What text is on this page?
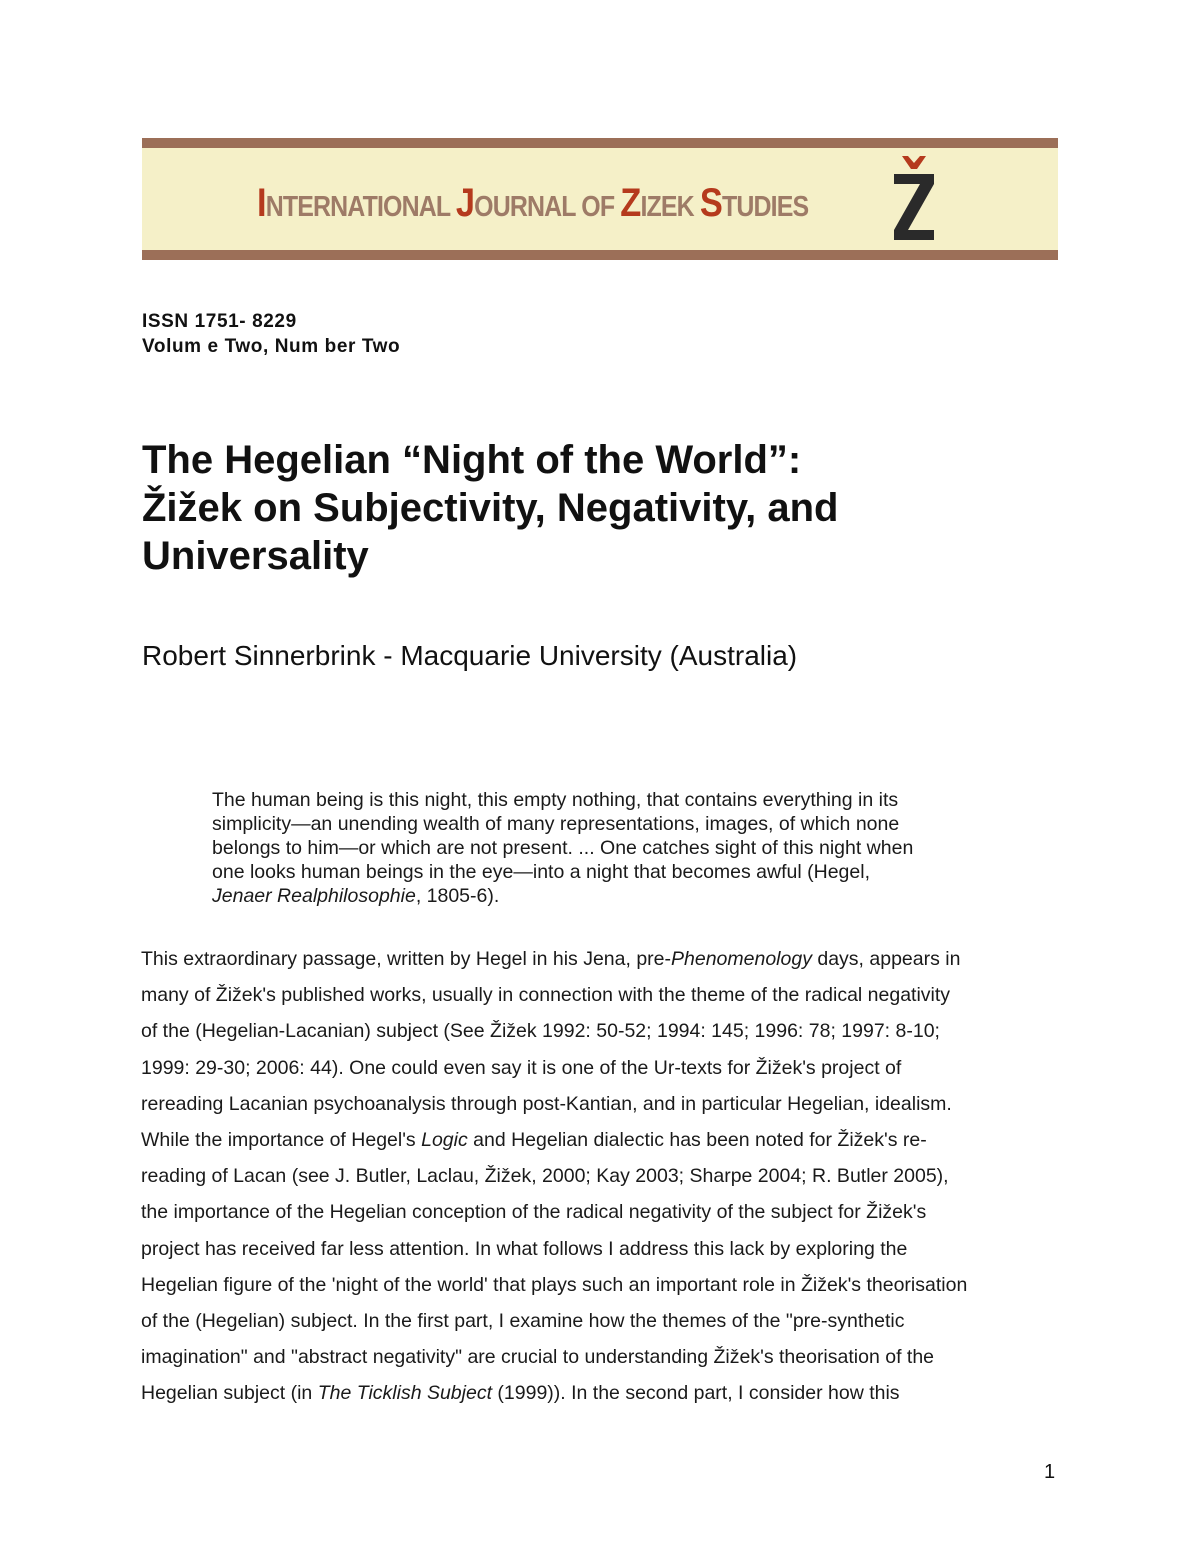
INTERNATIONAL JOURNAL OF ZIZEK STUDIES
ISSN 1751- 8229
Volum e Two, Num ber Two
The Hegelian “Night of the World”:
Žižek on Subjectivity, Negativity, and
Universality
Robert Sinnerbrink - Macquarie University (Australia)
The human being is this night, this empty nothing, that contains everything in its
simplicity—an unending wealth of many representations, images, of which none
belongs to him—or which are not present. ... One catches sight of this night when
one looks human beings in the eye—into a night that becomes awful (Hegel,
Jenaer Realphilosophie, 1805-6).
This extraordinary passage, written by Hegel in his Jena, pre-Phenomenology days, appears in
many of Žižek's published works, usually in connection with the theme of the radical negativity
of the (Hegelian-Lacanian) subject (See Žižek 1992: 50-52; 1994: 145; 1996: 78; 1997: 8-10;
1999: 29-30; 2006: 44). One could even say it is one of the Ur-texts for Žižek's project of
rereading Lacanian psychoanalysis through post-Kantian, and in particular Hegelian, idealism.
While the importance of Hegel's Logic and Hegelian dialectic has been noted for Žižek's re-
reading of Lacan (see J. Butler, Laclau, Žižek, 2000; Kay 2003; Sharpe 2004; R. Butler 2005),
the importance of the Hegelian conception of the radical negativity of the subject for Žižek's
project has received far less attention. In what follows I address this lack by exploring the
Hegelian figure of the 'night of the world' that plays such an important role in Žižek's theorisation
of the (Hegelian) subject. In the first part, I examine how the themes of the "pre-synthetic
imagination" and "abstract negativity" are crucial to understanding Žižek's theorisation of the
Hegelian subject (in The Ticklish Subject (1999)). In the second part, I consider how this
1
